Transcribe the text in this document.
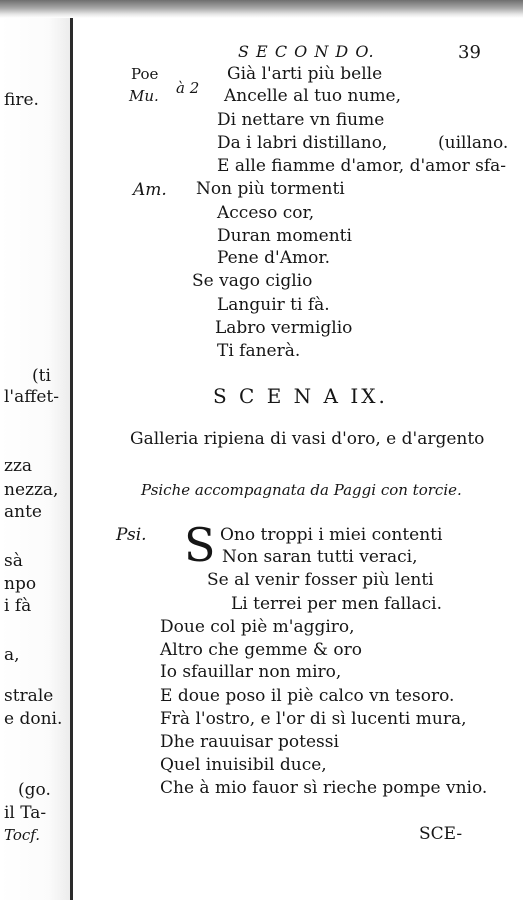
fire.
(ti
l'affet-
zza
nezza,
ante
sà
npo
i fà
a,
strale
e doni.
(go.
il Ta-
Tocf.
S E C O N D O.	39
Poe
Mu. à 2
Già l'arti più belle
Ancelle al tuo nume,
Di nettare vn fiume
Da i labri distillano,
E alle fiamme d'amor, d'amor sfa-
(uillano.
Am. Non più tormenti
Acceso cor,
Duran momenti
Pene d'Amor.
Se vago ciglio
Languir ti fà.
Labro vermiglio
Ti fanerà.
S C E N A IX.
Galleria ripiena di vasi d'oro, e d'argento
Psiche accompagnata da Paggi con torcie.
Psi. S Ono troppi i miei contenti
Non saran tutti veraci,
Se al venir fosser più lenti
Li terrei per men fallaci.
Doue col piè m'aggiro,
Altro che gemme & oro
Io sfauillar non miro,
E doue poso il piè calco vn tesoro.
Frà l'ostro, e l'or di sì lucenti mura,
Dhe rauuisar potessi
Quel inuisibil duce,
Che à mio fauor sì rieche pompe vnio.
SCE-
